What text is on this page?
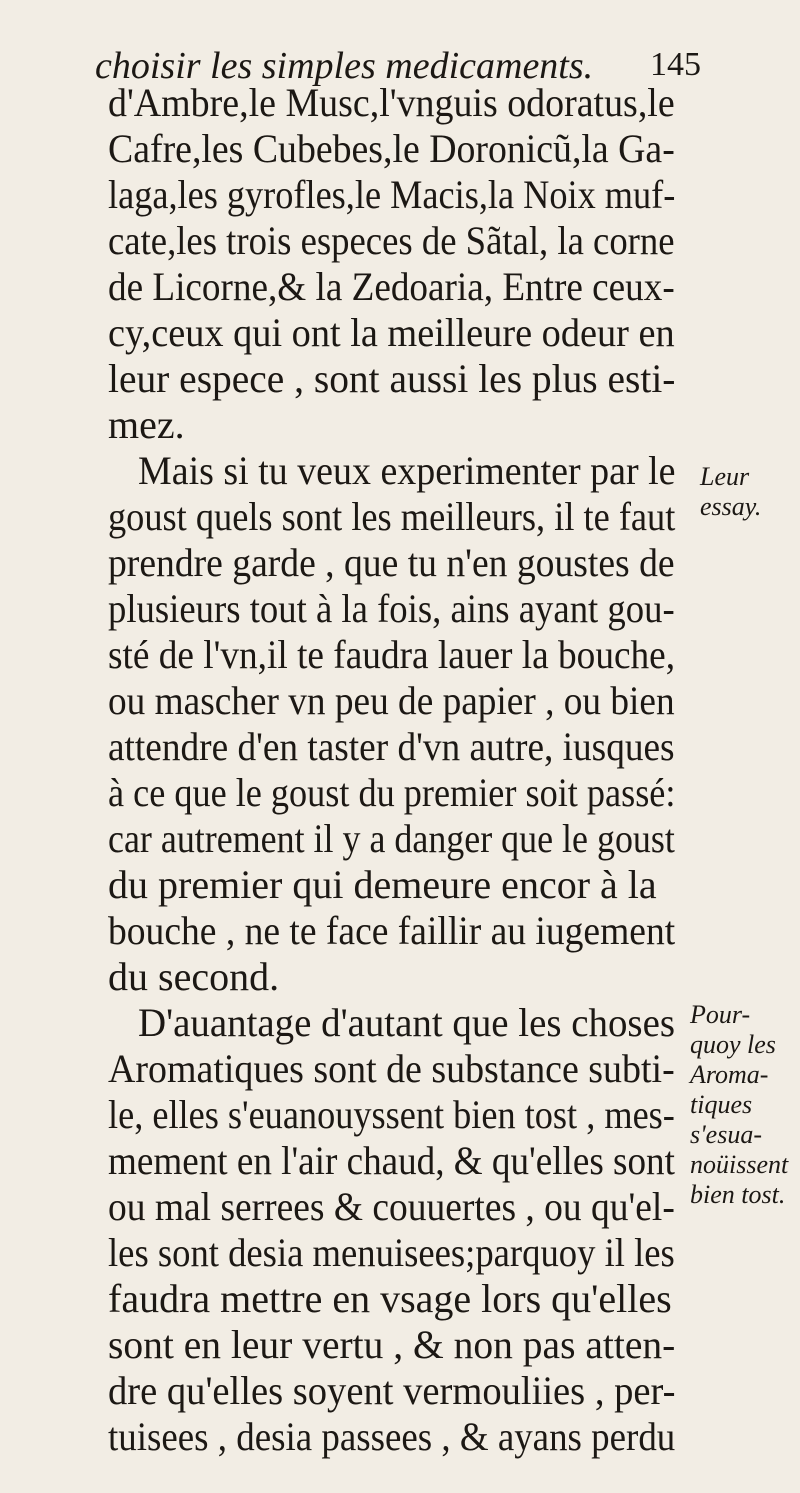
choisir les simples medicaments. 145
d'Ambre,le Musc,l'vnguis odoratus,le
Cafre,les Cubebes,le Doronicũ,la Ga-
laga,les gyrofles,le Macis,la Noix muf-
cate,les trois especes de Sãtal, la corne
de Licorne,& la Zedoaria, Entre ceux-
cy,ceux qui ont la meilleure odeur en
leur espece , sont aussi les plus esti-
mez.
Mais si tu veux experimenter par le
goust quels sont les meilleurs, il te faut
prendre garde , que tu n'en goustes de
plusieurs tout à la fois, ains ayant gou-
sté de l'vn,il te faudra lauer la bouche,
ou mascher vn peu de papier , ou bien
attendre d'en taster d'vn autre, iusques
à ce que le goust du premier soit passé:
car autrement il y a danger que le goust
du premier qui demeure encor à la
bouche , ne te face faillir au iugement
du second.
D'auantage d'autant que les choses
Aromatiques sont de substance subti-
le, elles s'euanouyssent bien tost , mes-
mement en l'air chaud, & qu'elles sont
ou mal serrees & couuertes , ou qu'el-
les sont desia menuisees;parquoy il les
faudra mettre en vsage lors qu'elles
sont en leur vertu , & non pas atten-
dre qu'elles soyent vermouliies , per-
tuisees , desia passees , & ayans perdu
Leur
essay.
Pour-
quoy les
Aroma-
tiques
s'esua-
noüissent
bien tost.
